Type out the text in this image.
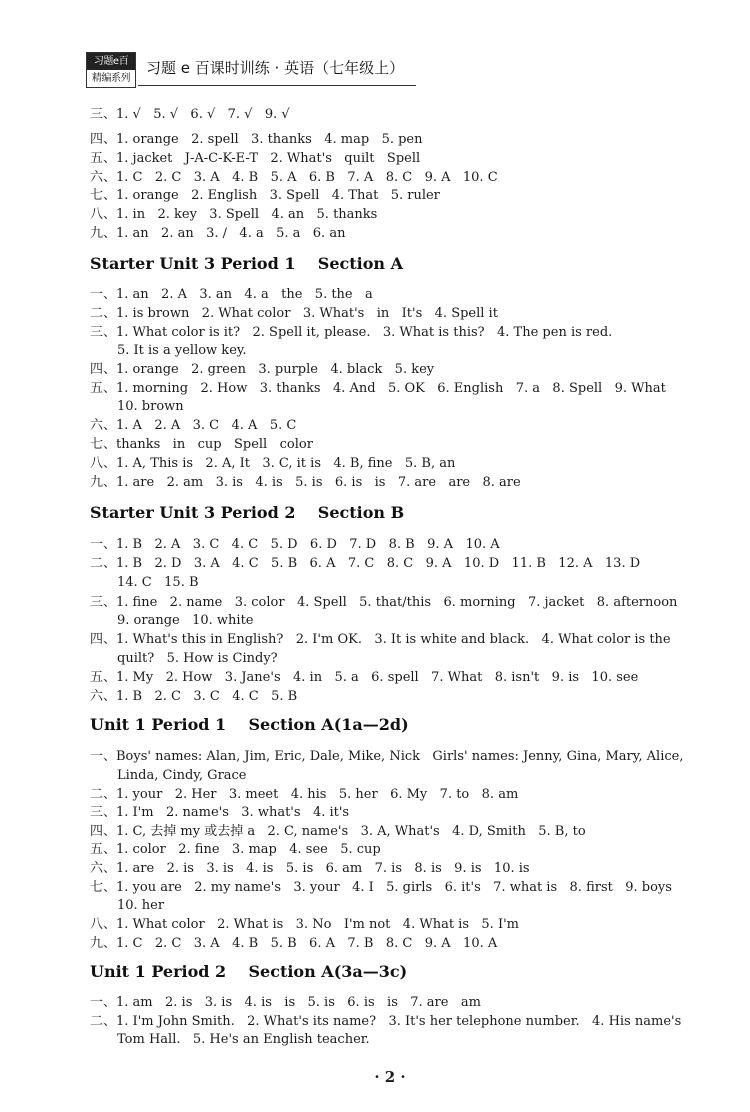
习题e百
精编系列
习题 e 百课时训练 · 英语（七年级上）
三、1. √   5. √   6. √   7. √   9. √
四、1. orange   2. spell   3. thanks   4. map   5. pen
五、1. jacket   J-A-C-K-E-T   2. What's   quilt   Spell
六、1. C   2. C   3. A   4. B   5. A   6. B   7. A   8. C   9. A   10. C
七、1. orange   2. English   3. Spell   4. That   5. ruler
八、1. in   2. key   3. Spell   4. an   5. thanks
九、1. an   2. an   3. /   4. a   5. a   6. an
Starter Unit 3 Period 1    Section A
一、1. an   2. A   3. an   4. a   the   5. the   a
二、1. is brown   2. What color   3. What's   in   It's   4. Spell it
三、1. What color is it?   2. Spell it, please.   3. What is this?   4. The pen is red.
5. It is a yellow key.
四、1. orange   2. green   3. purple   4. black   5. key
五、1. morning   2. How   3. thanks   4. And   5. OK   6. English   7. a   8. Spell   9. What
10. brown
六、1. A   2. A   3. C   4. A   5. C
七、thanks   in   cup   Spell   color
八、1. A, This is   2. A, It   3. C, it is   4. B, fine   5. B, an
九、1. are   2. am   3. is   4. is   5. is   6. is   is   7. are   are   8. are
Starter Unit 3 Period 2    Section B
一、1. B   2. A   3. C   4. C   5. D   6. D   7. D   8. B   9. A   10. A
二、1. B   2. D   3. A   4. C   5. B   6. A   7. C   8. C   9. A   10. D   11. B   12. A   13. D
14. C   15. B
三、1. fine   2. name   3. color   4. Spell   5. that/this   6. morning   7. jacket   8. afternoon
9. orange   10. white
四、1. What's this in English?   2. I'm OK.   3. It is white and black.   4. What color is the
quilt?   5. How is Cindy?
五、1. My   2. How   3. Jane's   4. in   5. a   6. spell   7. What   8. isn't   9. is   10. see
六、1. B   2. C   3. C   4. C   5. B
Unit 1 Period 1    Section A(1a—2d)
一、Boys' names: Alan, Jim, Eric, Dale, Mike, Nick   Girls' names: Jenny, Gina, Mary, Alice,
Linda, Cindy, Grace
二、1. your   2. Her   3. meet   4. his   5. her   6. My   7. to   8. am
三、1. I'm   2. name's   3. what's   4. it's
四、1. C, 去掉 my 或去掉 a   2. C, name's   3. A, What's   4. D, Smith   5. B, to
五、1. color   2. fine   3. map   4. see   5. cup
六、1. are   2. is   3. is   4. is   5. is   6. am   7. is   8. is   9. is   10. is
七、1. you are   2. my name's   3. your   4. I   5. girls   6. it's   7. what is   8. first   9. boys
10. her
八、1. What color   2. What is   3. No   I'm not   4. What is   5. I'm
九、1. C   2. C   3. A   4. B   5. B   6. A   7. B   8. C   9. A   10. A
Unit 1 Period 2    Section A(3a—3c)
一、1. am   2. is   3. is   4. is   is   5. is   6. is   is   7. are   am
二、1. I'm John Smith.   2. What's its name?   3. It's her telephone number.   4. His name's
Tom Hall.   5. He's an English teacher.
· 2 ·
